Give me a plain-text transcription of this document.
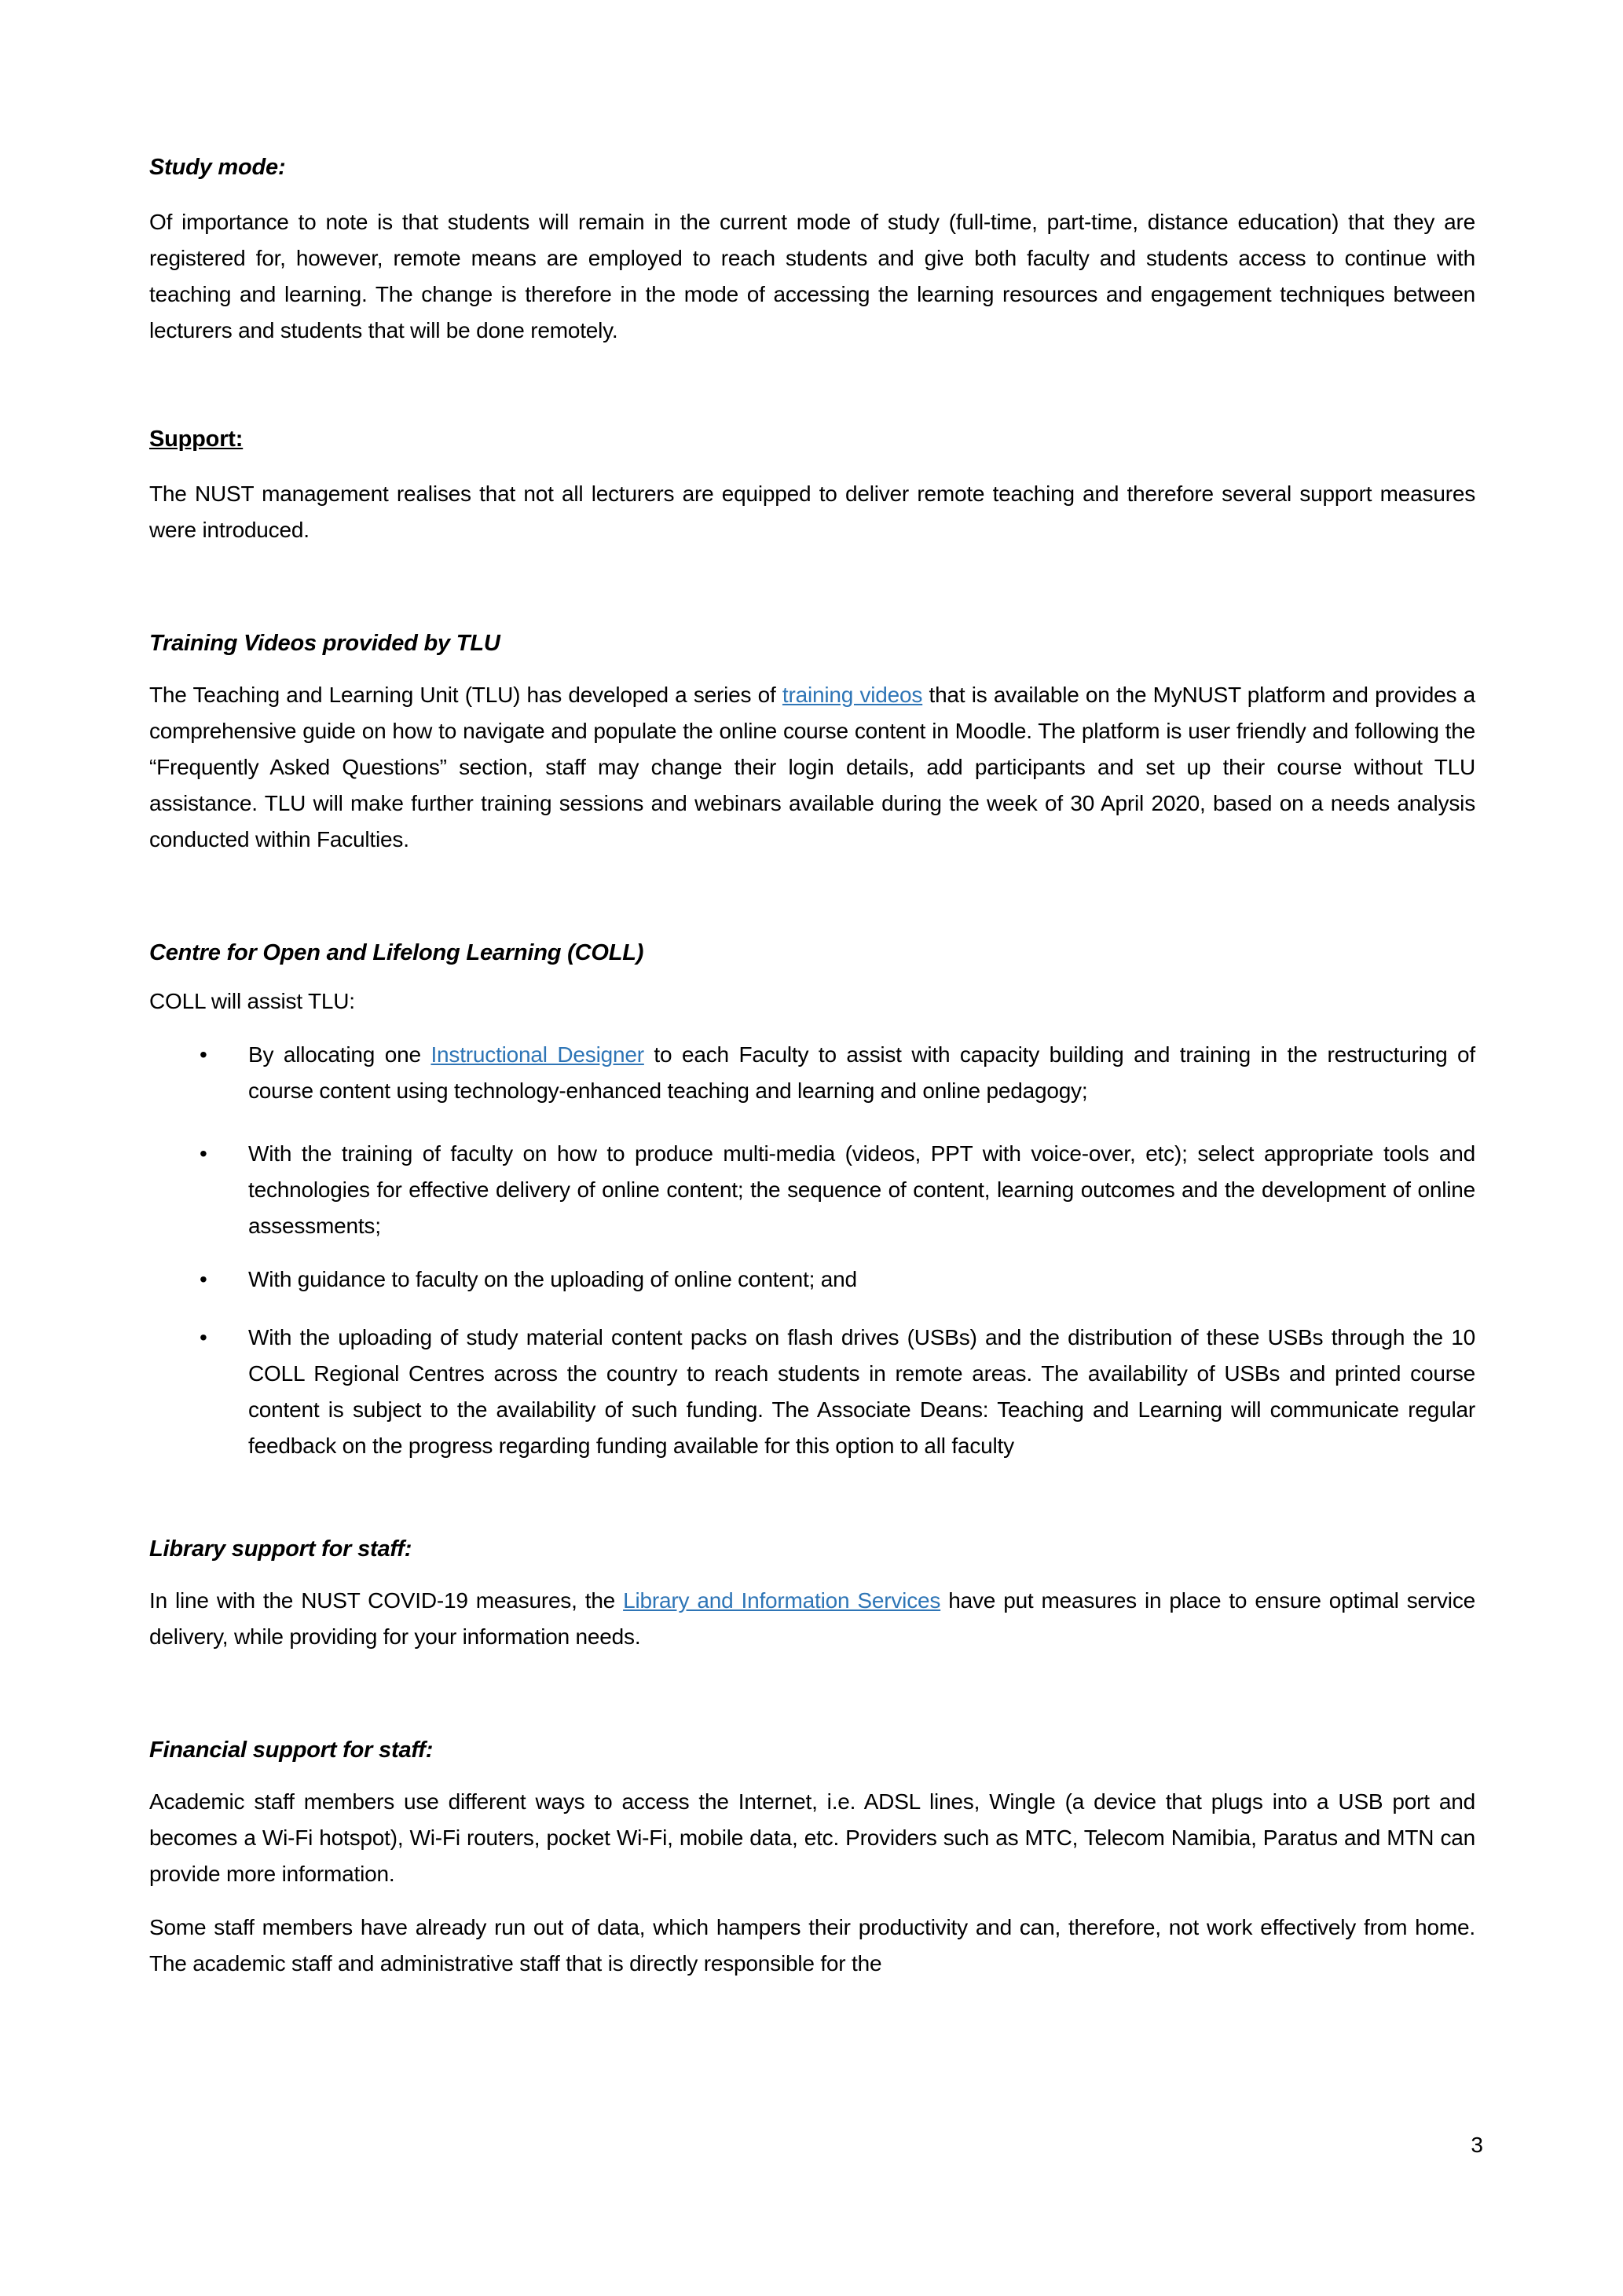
Study mode:

Of importance to note is that students will remain in the current mode of study (full-time, part-time, distance education) that they are registered for, however, remote means are employed to reach students and give both faculty and students access to continue with teaching and learning. The change is therefore in the mode of accessing the learning resources and engagement techniques between lecturers and students that will be done remotely.

Support:

The NUST management realises that not all lecturers are equipped to deliver remote teaching and therefore several support measures were introduced.

Training Videos provided by TLU

The Teaching and Learning Unit (TLU) has developed a series of training videos that is available on the MyNUST platform and provides a comprehensive guide on how to navigate and populate the online course content in Moodle. The platform is user friendly and following the “Frequently Asked Questions” section, staff may change their login details, add participants and set up their course without TLU assistance. TLU will make further training sessions and webinars available during the week of 30 April 2020, based on a needs analysis conducted within Faculties.

Centre for Open and Lifelong Learning (COLL)

COLL will assist TLU:

• By allocating one Instructional Designer to each Faculty to assist with capacity building and training in the restructuring of course content using technology-enhanced teaching and learning and online pedagogy;
• With the training of faculty on how to produce multi-media (videos, PPT with voice-over, etc); select appropriate tools and technologies for effective delivery of online content; the sequence of content, learning outcomes and the development of online assessments;
• With guidance to faculty on the uploading of online content; and
• With the uploading of study material content packs on flash drives (USBs) and the distribution of these USBs through the 10 COLL Regional Centres across the country to reach students in remote areas. The availability of USBs and printed course content is subject to the availability of such funding. The Associate Deans: Teaching and Learning will communicate regular feedback on the progress regarding funding available for this option to all faculty
Library support for staff:

In line with the NUST COVID-19 measures, the Library and Information Services have put measures in place to ensure optimal service delivery, while providing for your information needs.

Financial support for staff:

Academic staff members use different ways to access the Internet, i.e. ADSL lines, Wingle (a device that plugs into a USB port and becomes a Wi-Fi hotspot), Wi-Fi routers, pocket Wi-Fi, mobile data, etc. Providers such as MTC, Telecom Namibia, Paratus and MTN can provide more information.

Some staff members have already run out of data, which hampers their productivity and can, therefore, not work effectively from home. The academic staff and administrative staff that is directly responsible for the

3
